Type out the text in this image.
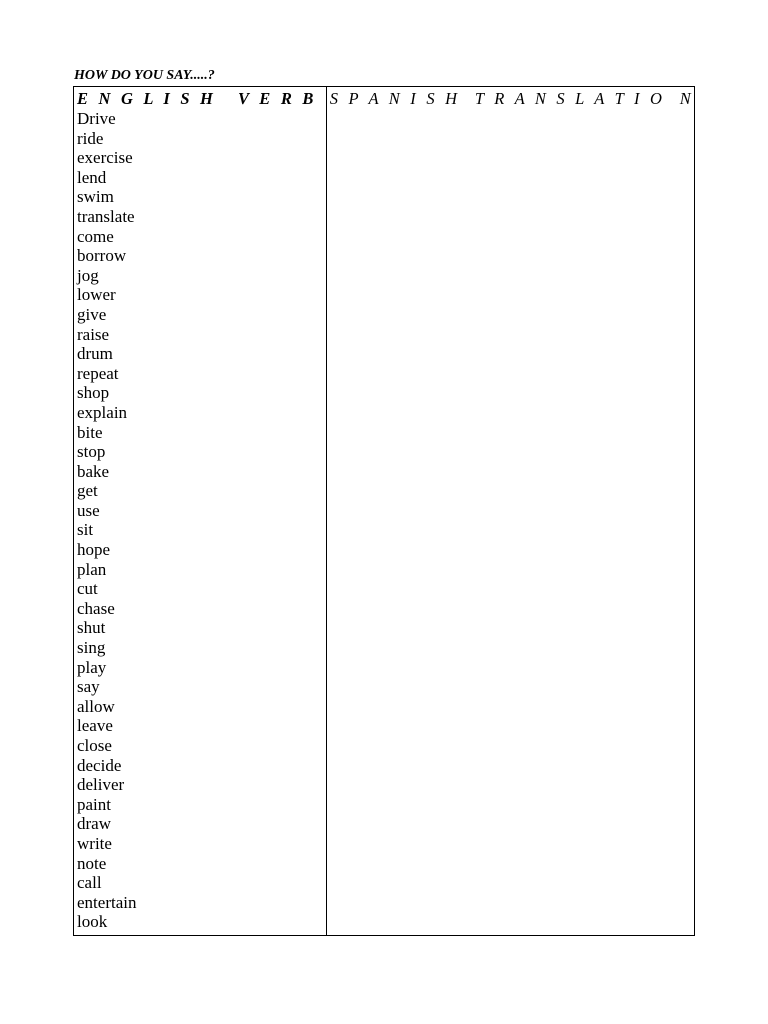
HOW DO YOU SAY.....?
E N G L I S H   V E R B
Drive
ride
exercise
lend
swim
translate
come
borrow
jog
lower
give
raise
drum
repeat
shop
explain
bite
stop
bake
get
use
sit
hope
plan
cut
chase
shut
sing
play
say
allow
leave
close
decide
deliver
paint
draw
write
note
call
entertain
look
S P A N I S H  T R A N S L A T I O  N
